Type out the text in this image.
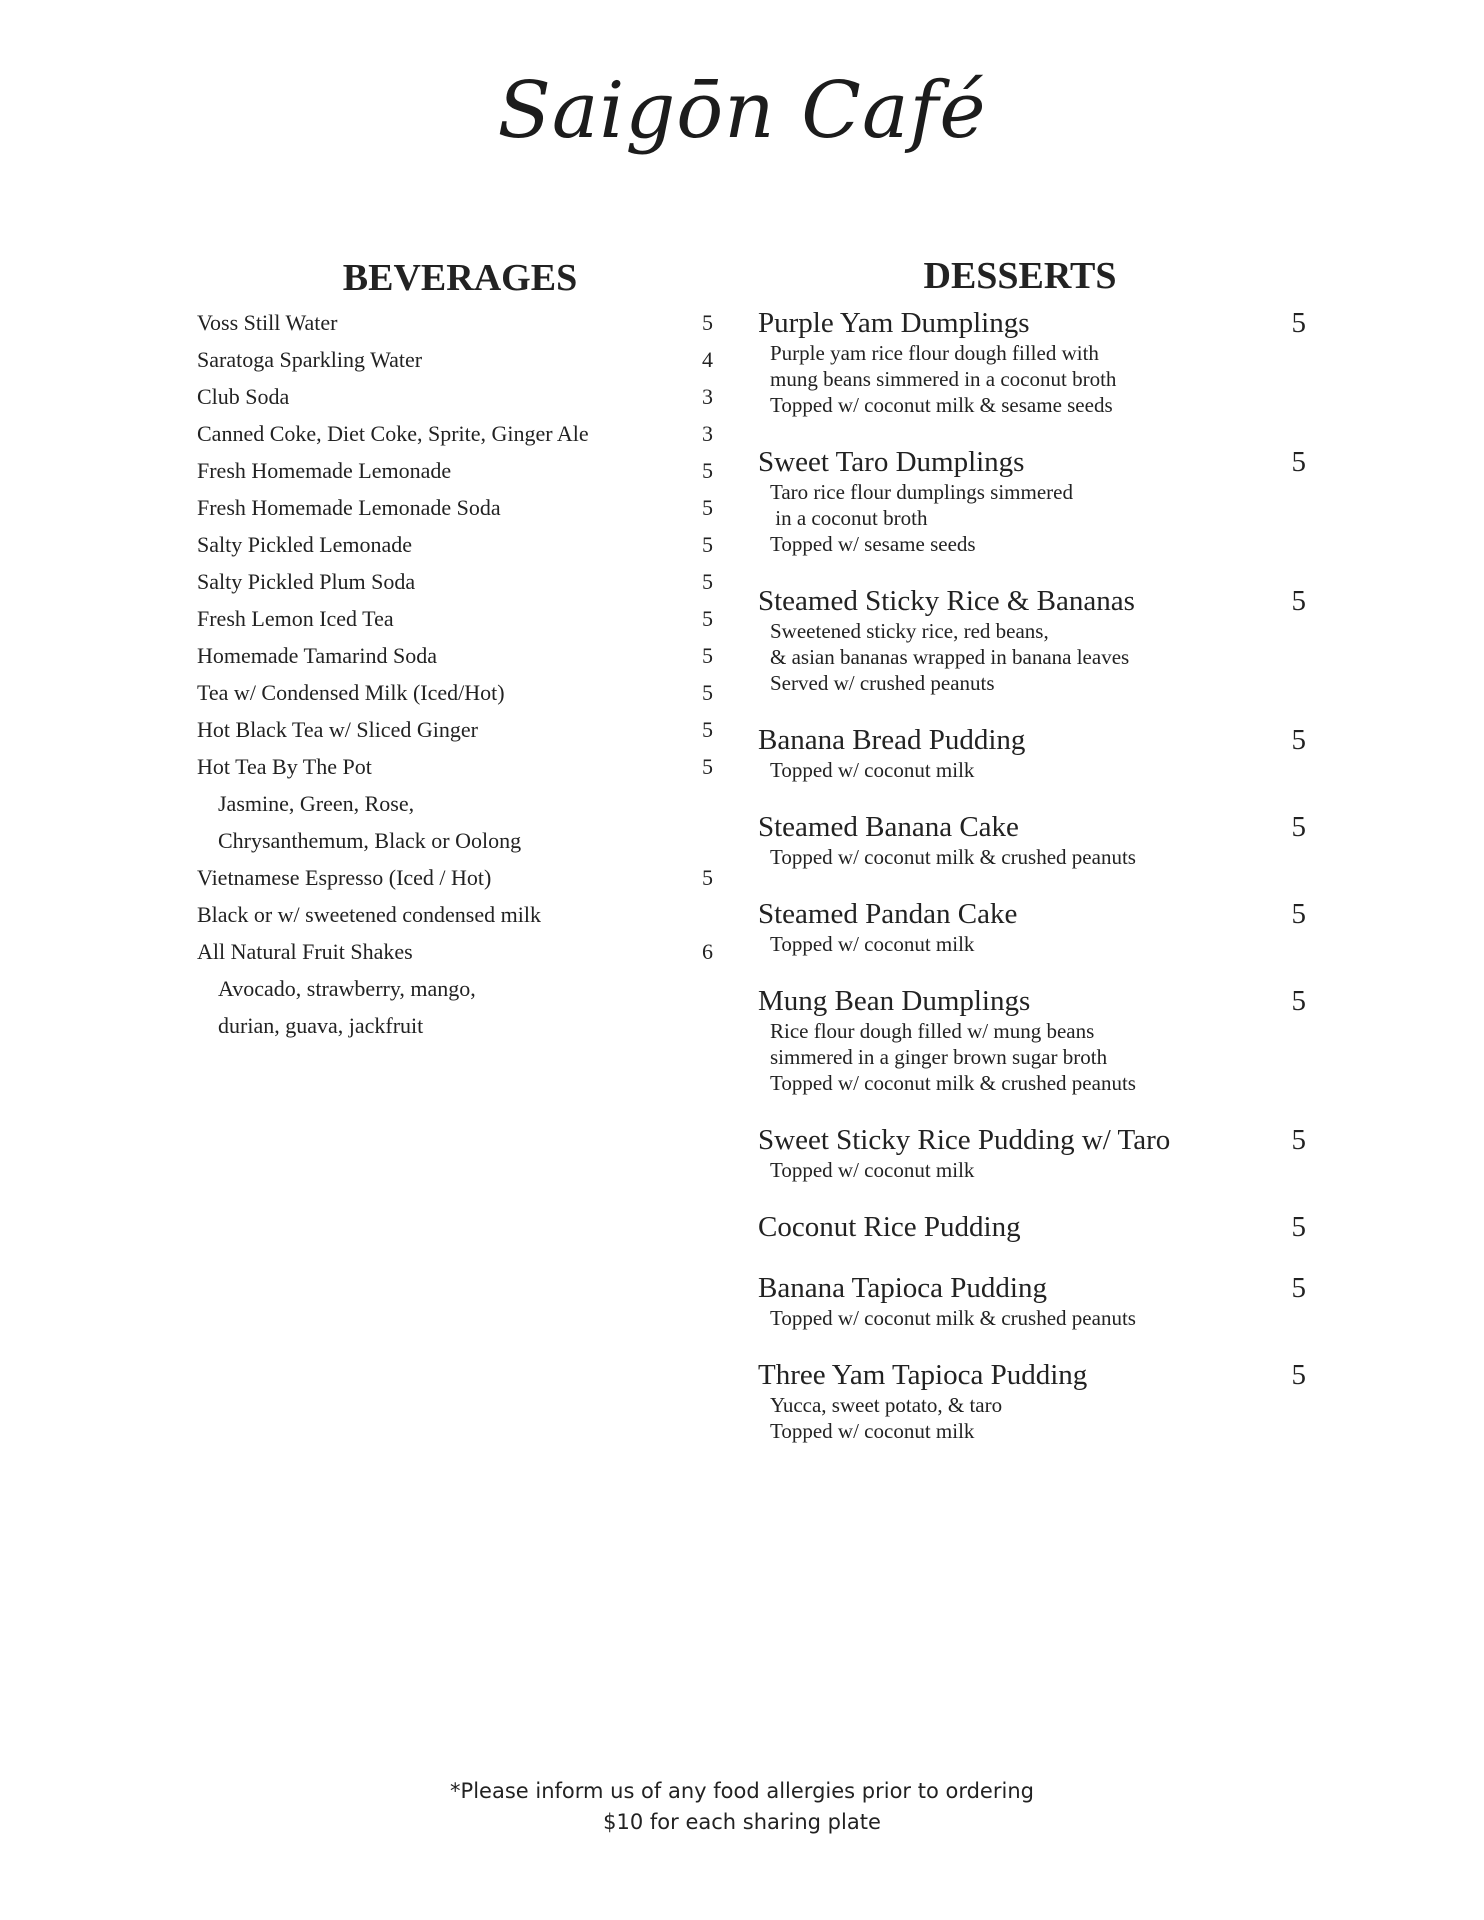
Saigōn Café
BEVERAGES	DESSERTS
Voss Still Water	5
Saratoga Sparkling Water	4
Club Soda	3
Canned Coke, Diet Coke, Sprite, Ginger Ale	3
Fresh Homemade Lemonade	5
Fresh Homemade Lemonade Soda	5
Salty Pickled Lemonade	5
Salty Pickled Plum Soda	5
Fresh Lemon Iced Tea	5
Homemade Tamarind Soda	5
Tea w/ Condensed Milk (Iced/Hot)	5
Hot Black Tea w/ Sliced Ginger	5
Hot Tea By The Pot	5
Jasmine, Green, Rose,
Chrysanthemum, Black or Oolong
Vietnamese Espresso (Iced / Hot)	5
Black or w/ sweetened condensed milk
All Natural Fruit Shakes	6
Avocado, strawberry, mango,
durian, guava, jackfruit
Purple Yam Dumplings	5
Purple yam rice flour dough filled with
mung beans simmered in a coconut broth
Topped w/ coconut milk & sesame seeds
Sweet Taro Dumplings	5
Taro rice flour dumplings simmered
in a coconut broth
Topped w/ sesame seeds
Steamed Sticky Rice & Bananas	5
Sweetened sticky rice, red beans,
& asian bananas wrapped in banana leaves
Served w/ crushed peanuts
Banana Bread Pudding	5
Topped w/ coconut milk
Steamed Banana Cake	5
Topped w/ coconut milk & crushed peanuts
Steamed Pandan Cake	5
Topped w/ coconut milk
Mung Bean Dumplings	5
Rice flour dough filled w/ mung beans
simmered in a ginger brown sugar broth
Topped w/ coconut milk & crushed peanuts
Sweet Sticky Rice Pudding w/ Taro	5
Topped w/ coconut milk
Coconut Rice Pudding	5
Banana Tapioca Pudding	5
Topped w/ coconut milk & crushed peanuts
Three Yam Tapioca Pudding	5
Yucca, sweet potato, & taro
Topped w/ coconut milk
*Please inform us of any food allergies prior to ordering
$10 for each sharing plate
